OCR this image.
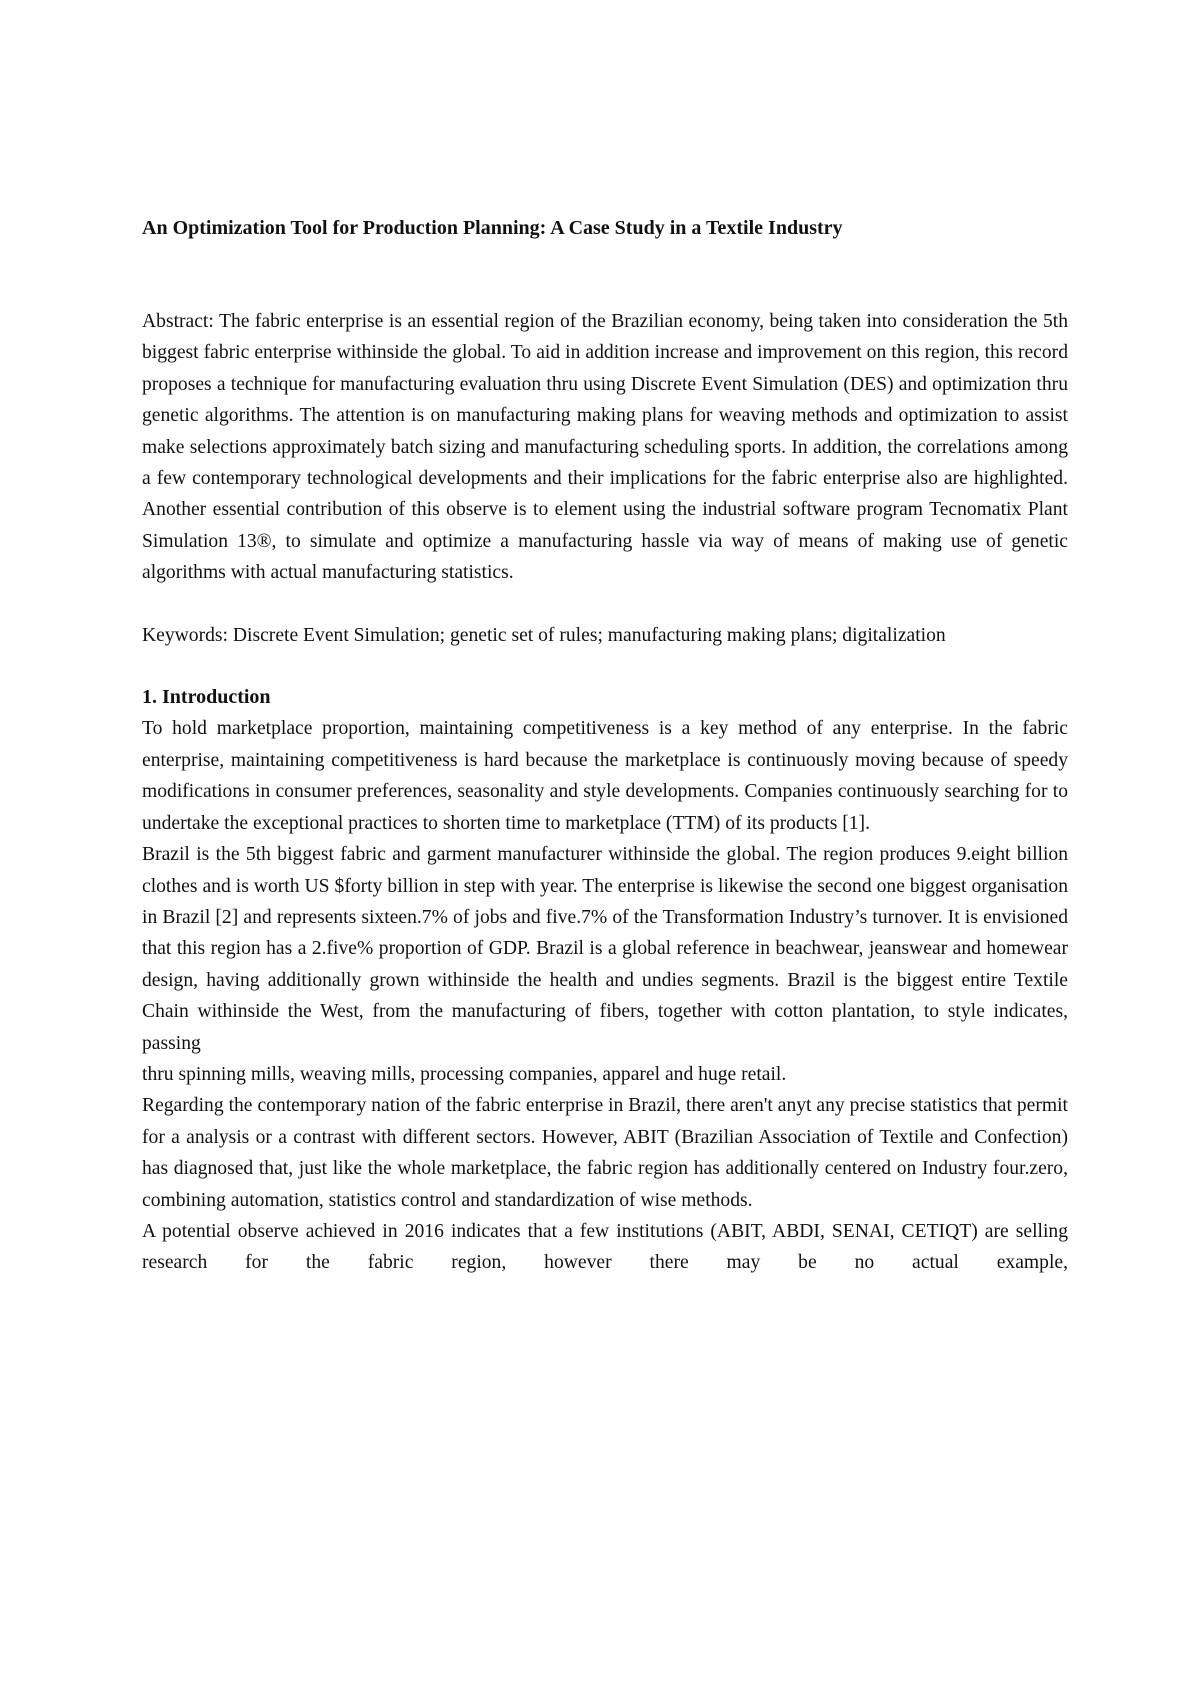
An Optimization Tool for Production Planning: A Case Study in a Textile Industry

Abstract: The fabric enterprise is an essential region of the Brazilian economy, being taken into consideration the 5th biggest fabric enterprise withinside the global. To aid in addition increase and improvement on this region, this record proposes a technique for manufacturing evaluation thru using Discrete Event Simulation (DES) and optimization thru genetic algorithms. The attention is on manufacturing making plans for weaving methods and optimization to assist make selections approximately batch sizing and manufacturing scheduling sports. In addition, the correlations among a few contemporary technological developments and their implications for the fabric enterprise also are highlighted. Another essential contribution of this observe is to element using the industrial software program Tecnomatix Plant Simulation 13®, to simulate and optimize a manufacturing hassle via way of means of making use of genetic algorithms with actual manufacturing statistics.

Keywords: Discrete Event Simulation; genetic set of rules; manufacturing making plans; digitalization

1. Introduction

To hold marketplace proportion, maintaining competitiveness is a key method of any enterprise. In the fabric enterprise, maintaining competitiveness is hard because the marketplace is continuously moving because of speedy modifications in consumer preferences, seasonality and style developments. Companies continuously searching for to undertake the exceptional practices to shorten time to marketplace (TTM) of its products [1].

Brazil is the 5th biggest fabric and garment manufacturer withinside the global. The region produces 9.eight billion clothes and is worth US $forty billion in step with year. The enterprise is likewise the second one biggest organisation in Brazil [2] and represents sixteen.7% of jobs and five.7% of the Transformation Industry’s turnover. It is envisioned that this region has a 2.five% proportion of GDP. Brazil is a global reference in beachwear, jeanswear and homewear design, having additionally grown withinside the health and undies segments. Brazil is the biggest entire Textile Chain withinside the West, from the manufacturing of fibers, together with cotton plantation, to style indicates, passing

thru spinning mills, weaving mills, processing companies, apparel and huge retail.

Regarding the contemporary nation of the fabric enterprise in Brazil, there aren't anyt any precise statistics that permit for a analysis or a contrast with different sectors. However, ABIT (Brazilian Association of Textile and Confection) has diagnosed that, just like the whole marketplace, the fabric region has additionally centered on Industry four.zero, combining automation, statistics control and standardization of wise methods.

A potential observe achieved in 2016 indicates that a few institutions (ABIT, ABDI, SENAI, CETIQT) are selling research for the fabric region, however there may be no actual example,
